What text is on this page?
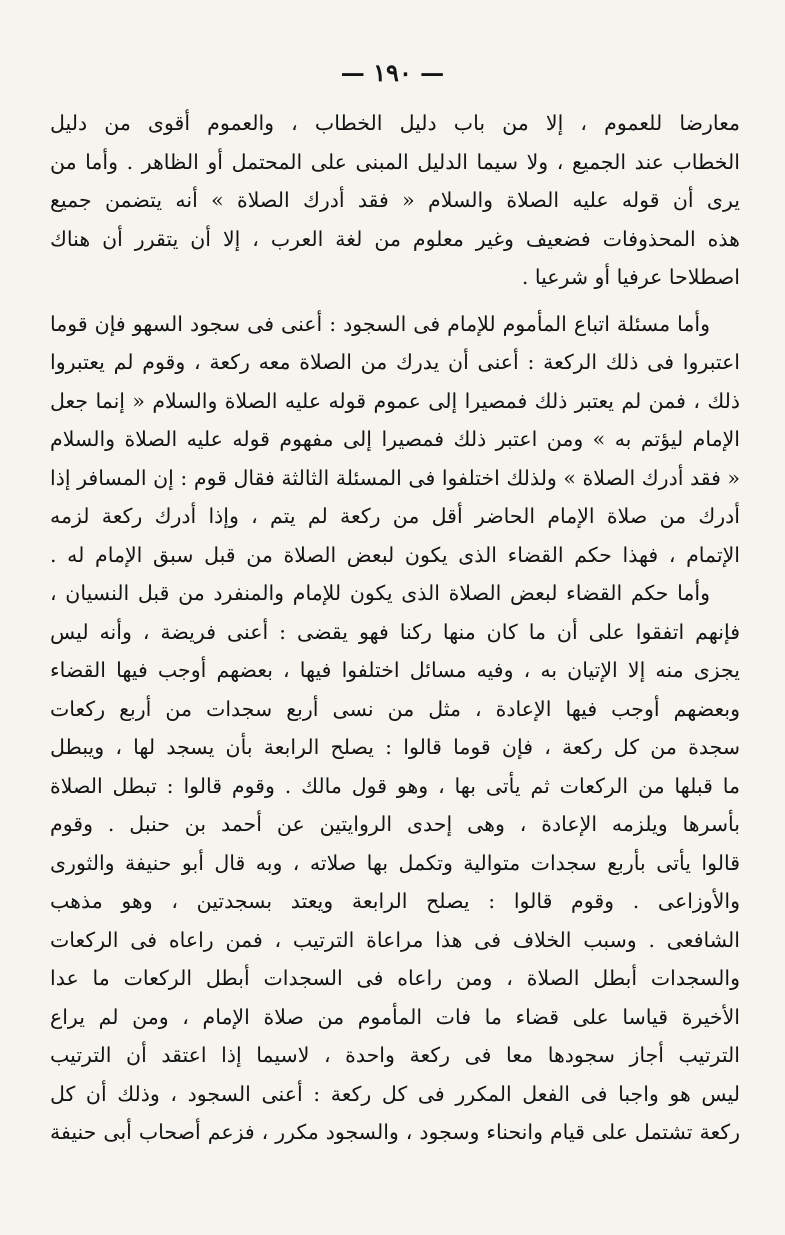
— ١٩٠ —
معارضا للعموم ، إلا من باب دليل الخطاب ، والعموم أقوى من دليل
الخطاب عند الجميع ، ولا سيما الدليل المبنى على المحتمل أو الظاهر . وأما من
يرى أن قوله عليه الصلاة والسلام « فقد أدرك الصلاة » أنه يتضمن جميع
هذه المحذوفات فضعيف وغير معلوم من لغة العرب ، إلا أن يتقرر أن هناك
اصطلاحا عرفيا أو شرعيا .
وأما مسئلة اتباع المأموم للإمام فى السجود : أعنى فى سجود السهو فإن قوما
اعتبروا فى ذلك الركعة : أعنى أن يدرك من الصلاة معه ركعة ، وقوم لم يعتبروا
ذلك ، فمن لم يعتبر ذلك فمصيرا إلى عموم قوله عليه الصلاة والسلام « إنما جعل
الإمام ليؤتم به » ومن اعتبر ذلك فمصيرا إلى مفهوم قوله عليه الصلاة والسلام
« فقد أدرك الصلاة » ولذلك اختلفوا فى المسئلة الثالثة فقال قوم : إن المسافر إذا
أدرك من صلاة الإمام الحاضر أقل من ركعة لم يتم ، وإذا أدرك ركعة لزمه
الإتمام ، فهذا حكم القضاء الذى يكون لبعض الصلاة من قبل سبق الإمام له .
وأما حكم القضاء لبعض الصلاة الذى يكون للإمام والمنفرد من قبل النسيان ،
فإنهم اتفقوا على أن ما كان منها ركنا فهو يقضى : أعنى فريضة ، وأنه ليس
يجزى منه إلا الإتيان به ، وفيه مسائل اختلفوا فيها ، بعضهم أوجب فيها القضاء
وبعضهم أوجب فيها الإعادة ، مثل من نسى أربع سجدات من أربع ركعات
سجدة من كل ركعة ، فإن قوما قالوا : يصلح الرابعة بأن يسجد لها ، ويبطل
ما قبلها من الركعات ثم يأتى بها ، وهو قول مالك . وقوم قالوا : تبطل الصلاة
بأسرها ويلزمه الإعادة ، وهى إحدى الروايتين عن أحمد بن حنبل . وقوم
قالوا يأتى بأربع سجدات متوالية وتكمل بها صلاته ، وبه قال أبو حنيفة والثورى
والأوزاعى . وقوم قالوا : يصلح الرابعة ويعتد بسجدتين ، وهو مذهب
الشافعى . وسبب الخلاف فى هذا مراعاة الترتيب ، فمن راعاه فى الركعات
والسجدات أبطل الصلاة ، ومن راعاه فى السجدات أبطل الركعات ما عدا
الأخيرة قياسا على قضاء ما فات المأموم من صلاة الإمام ، ومن لم يراع
الترتيب أجاز سجودها معا فى ركعة واحدة ، لاسيما إذا اعتقد أن الترتيب
ليس هو واجبا فى الفعل المكرر فى كل ركعة : أعنى السجود ، وذلك أن كل
ركعة تشتمل على قيام وانحناء وسجود ، والسجود مكرر ، فزعم أصحاب أبى حنيفة
